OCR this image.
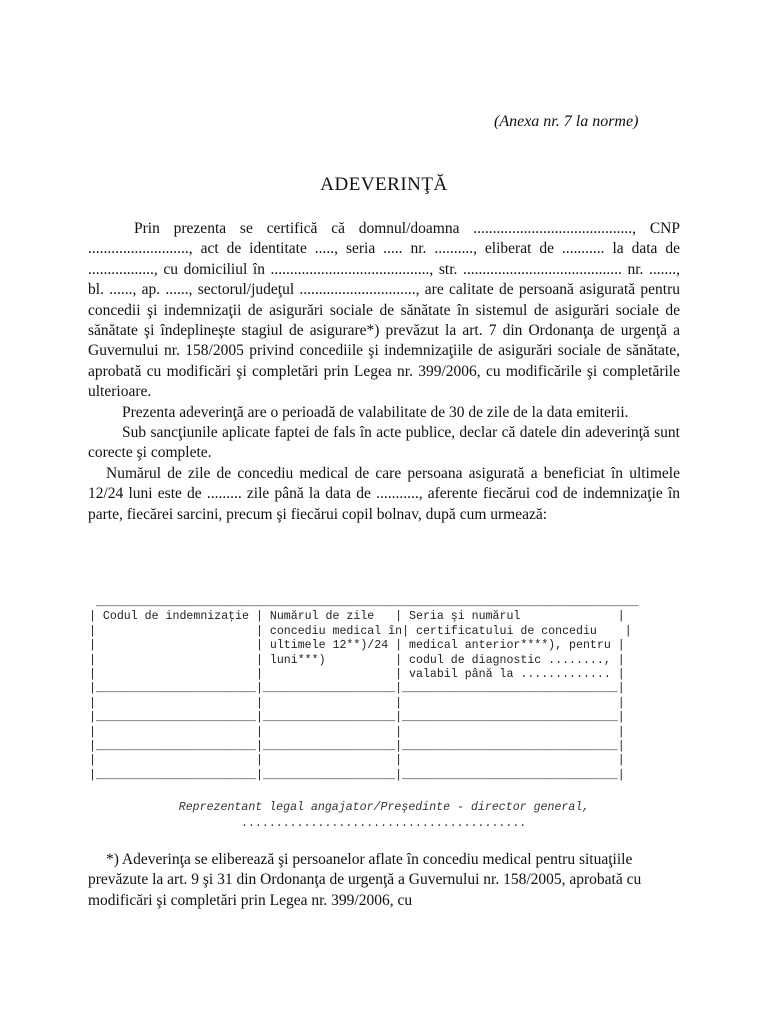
(Anexa nr. 7 la norme)
ADEVERINŢĂ

Prin prezenta se certifică că domnul/doamna ........................................., CNP .........................., act de identitate ....., seria ..... nr. .........., eliberat de ........... la data de ................., cu domiciliul în ........................................., str. ......................................... nr. ......., bl. ......, ap. ......, sectorul/judeţul .............................., are calitate de persoană asigurată pentru concedii şi indemnizaţii de asigurări sociale de sănătate în sistemul de asigurări sociale de sănătate şi îndeplineşte stagiul de asigurare*) prevăzut la art. 7 din Ordonanţa de urgenţă a Guvernului nr. 158/2005 privind concediile şi indemnizaţiile de asigurări sociale de sănătate, aprobată cu modificări şi completări prin Legea nr. 399/2006, cu modificările şi completările ulterioare.

Prezenta adeverinţă are o perioadă de valabilitate de 30 de zile de la data emiterii.

Sub sancţiunile aplicate faptei de fals în acte publice, declar că datele din adeverinţă sunt corecte şi complete.

Numărul de zile de concediu medical de care persoana asigurată a beneficiat în ultimele 12/24 luni este de ......... zile până la data de ..........., aferente fiecărui cod de indemnizaţie în parte, fiecărei sarcini, precum şi fiecărui copil bolnav, după cum urmează:

______________________________________________________________________________
| Codul de indemnizaţie | Numărul de zile   | Seria şi numărul              |
|                       | concediu medical în| certificatului de concediu    |
|                       | ultimele 12**)/24 | medical anterior****), pentru |
|                       | luni***)          | codul de diagnostic ........, |
|                       |                   | valabil până la ............. |
|_______________________|___________________|_______________________________|
|                       |                   |                               |
|_______________________|___________________|_______________________________|
|                       |                   |                               |
|_______________________|___________________|_______________________________|
|                       |                   |                               |
|_______________________|___________________|_______________________________|
Reprezentant legal angajator/Preşedinte - director general,
.........................................

*) Adeverinţa se eliberează şi persoanelor aflate în concediu medical pentru situaţiile prevăzute la art. 9 şi 31 din Ordonanţa de urgenţă a Guvernului nr. 158/2005, aprobată cu modificări şi completări prin Legea nr. 399/2006, cu
